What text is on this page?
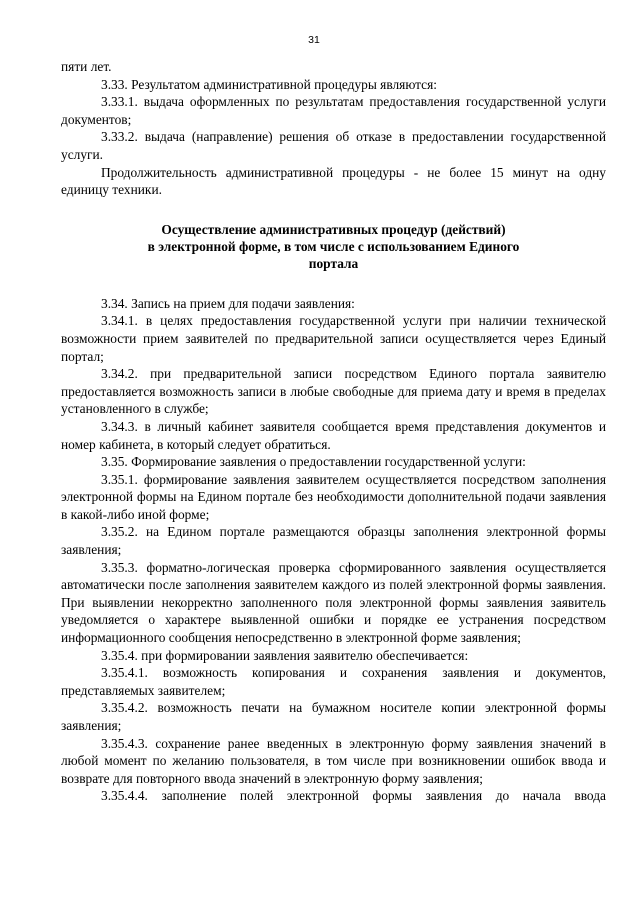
31

пяти лет.

3.33. Результатом административной процедуры являются:

3.33.1. выдача оформленных по результатам предоставления государственной услуги документов;

3.33.2. выдача (направление) решения об отказе в предоставлении государственной услуги.

Продолжительность административной процедуры - не более 15 минут на одну единицу техники.

Осуществление административных процедур (действий)
в электронной форме, в том числе с использованием Единого
портала

3.34. Запись на прием для подачи заявления:

3.34.1. в целях предоставления государственной услуги при наличии технической возможности прием заявителей по предварительной записи осуществляется через Единый портал;

3.34.2. при предварительной записи посредством Единого портала заявителю предоставляется возможность записи в любые свободные для приема дату и время в пределах установленного в службе;

3.34.3. в личный кабинет заявителя сообщается время представления документов и номер кабинета, в который следует обратиться.

3.35. Формирование заявления о предоставлении государственной услуги:

3.35.1. формирование заявления заявителем осуществляется посредством заполнения электронной формы на Едином портале без необходимости дополнительной подачи заявления в какой-либо иной форме;

3.35.2. на Едином портале размещаются образцы заполнения электронной формы заявления;

3.35.3. форматно-логическая проверка сформированного заявления осуществляется автоматически после заполнения заявителем каждого из полей электронной формы заявления. При выявлении некорректно заполненного поля электронной формы заявления заявитель уведомляется о характере выявленной ошибки и порядке ее устранения посредством информационного сообщения непосредственно в электронной форме заявления;

3.35.4. при формировании заявления заявителю обеспечивается:

3.35.4.1. возможность копирования и сохранения заявления и документов, представляемых заявителем;

3.35.4.2. возможность печати на бумажном носителе копии электронной формы заявления;

3.35.4.3. сохранение ранее введенных в электронную форму заявления значений в любой момент по желанию пользователя, в том числе при возникновении ошибок ввода и возврате для повторного ввода значений в электронную форму заявления;

3.35.4.4. заполнение полей электронной формы заявления до начала ввода
